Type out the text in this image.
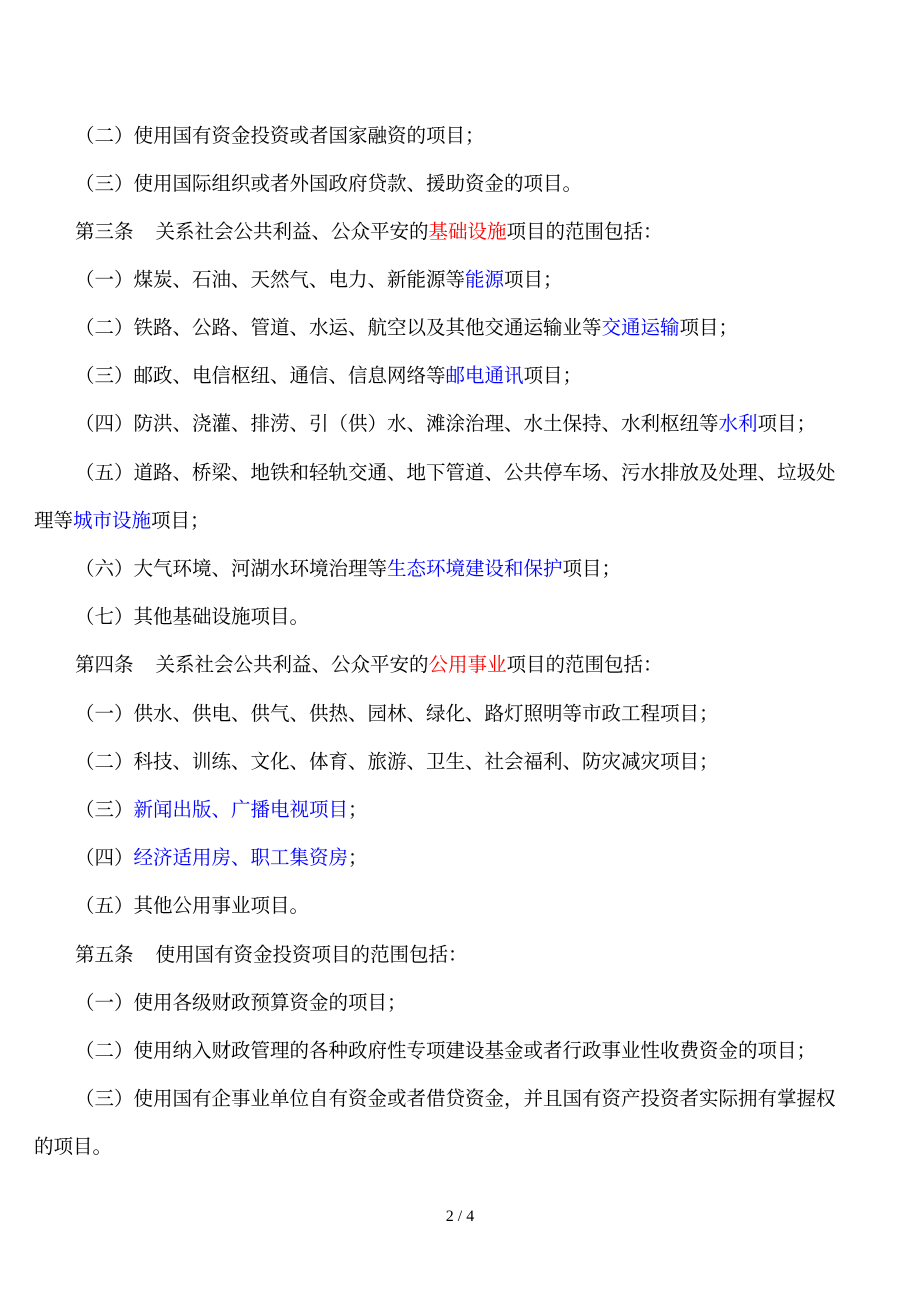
（二）使用国有资金投资或者国家融资的项目；
（三）使用国际组织或者外国政府贷款、援助资金的项目。
第三条 关系社会公共利益、公众平安的基础设施项目的范围包括：
（一）煤炭、石油、天然气、电力、新能源等能源项目；
（二）铁路、公路、管道、水运、航空以及其他交通运输业等交通运输项目；
（三）邮政、电信枢纽、通信、信息网络等邮电通讯项目；
（四）防洪、浇灌、排涝、引（供）水、滩涂治理、水土保持、水利枢纽等水利项目；
（五）道路、桥梁、地铁和轻轨交通、地下管道、公共停车场、污水排放及处理、垃圾处
理等城市设施项目；
（六）大气环境、河湖水环境治理等生态环境建设和保护项目；
（七）其他基础设施项目。
第四条 关系社会公共利益、公众平安的公用事业项目的范围包括：
（一）供水、供电、供气、供热、园林、绿化、路灯照明等市政工程项目；
（二）科技、训练、文化、体育、旅游、卫生、社会福利、防灾减灾项目；
（三）新闻出版、广播电视项目；
（四）经济适用房、职工集资房；
（五）其他公用事业项目。
第五条 使用国有资金投资项目的范围包括：
（一）使用各级财政预算资金的项目；
（二）使用纳入财政管理的各种政府性专项建设基金或者行政事业性收费资金的项目；
（三）使用国有企事业单位自有资金或者借贷资金，并且国有资产投资者实际拥有掌握权
的项目。
2 / 4
